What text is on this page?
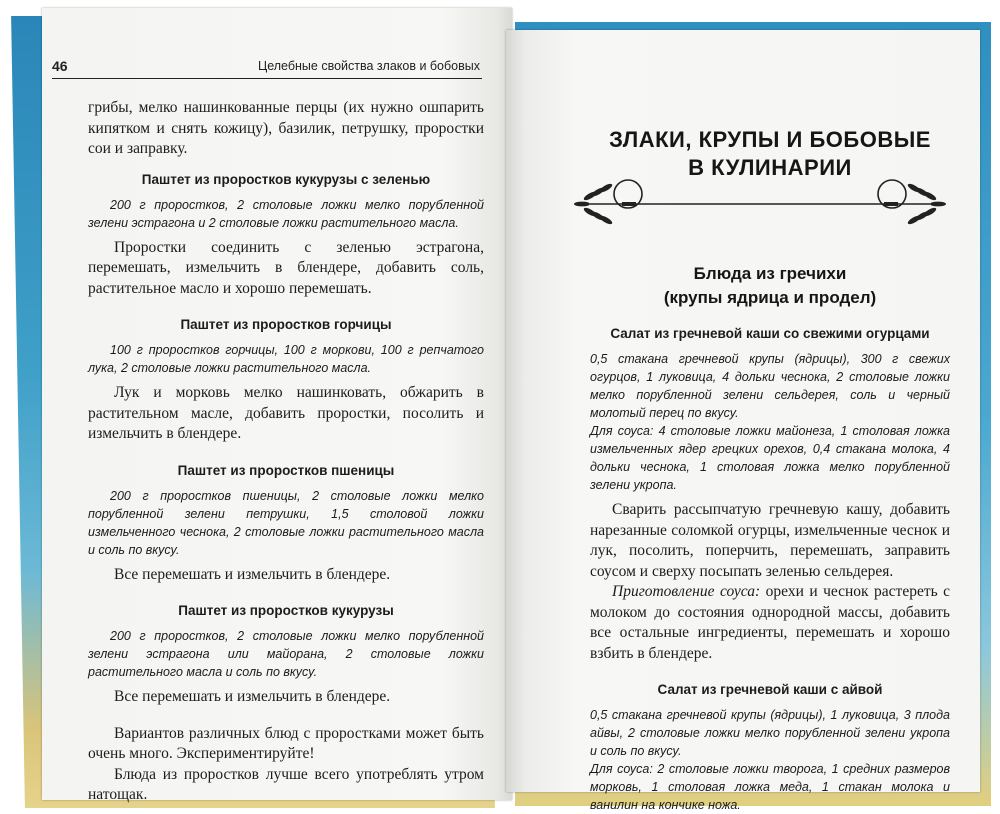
46	Целебные свойства злаков и бобовых

грибы, мелко нашинкованные перцы (их нужно ошпарить кипятком и снять кожицу), базилик, петрушку, проростки сои и заправку.

Паштет из проростков кукурузы с зеленью

200 г проростков, 2 столовые ложки мелко порубленной зелени эстрагона и 2 столовые ложки растительного масла.

Проростки соединить с зеленью эстрагона, перемешать, измельчить в блендере, добавить соль, растительное масло и хорошо перемешать.

Паштет из проростков горчицы

100 г проростков горчицы, 100 г моркови, 100 г репчатого лука, 2 столовые ложки растительного масла.

Лук и морковь мелко нашинковать, обжарить в растительном масле, добавить проростки, посолить и измельчить в блендере.

Паштет из проростков пшеницы

200 г проростков пшеницы, 2 столовые ложки мелко порубленной зелени петрушки, 1,5 столовой ложки измельченного чеснока, 2 столовые ложки растительного масла и соль по вкусу.

Все перемешать и измельчить в блендере.

Паштет из проростков кукурузы

200 г проростков, 2 столовые ложки мелко порубленной зелени эстрагона или майорана, 2 столовые ложки растительного масла и соль по вкусу.

Все перемешать и измельчить в блендере.

Вариантов различных блюд с проростками может быть очень много. Экспериментируйте!

Блюда из проростков лучше всего употреблять утром натощак.

ЗЛАКИ, КРУПЫ И БОБОВЫЕ
В КУЛИНАРИИ
Блюда из гречихи
(крупы ядрица и продел)
Салат из гречневой каши со свежими огурцами

0,5 стакана гречневой крупы (ядрицы), 300 г свежих огурцов, 1 луковица, 4 дольки чеснока, 2 столовые ложки мелко порубленной зелени сельдерея, соль и черный молотый перец по вкусу.

Для соуса: 4 столовые ложки майонеза, 1 столовая ложка измельченных ядер грецких орехов, 0,4 стакана молока, 4 дольки чеснока, 1 столовая ложка мелко порубленной зелени укропа.

Сварить рассыпчатую гречневую кашу, добавить нарезанные соломкой огурцы, измельченные чеснок и лук, посолить, поперчить, перемешать, заправить соусом и сверху посыпать зеленью сельдерея.

Приготовление соуса: орехи и чеснок растереть с молоком до состояния однородной массы, добавить все остальные ингредиенты, перемешать и хорошо взбить в блендере.

Салат из гречневой каши с айвой

0,5 стакана гречневой крупы (ядрицы), 1 луковица, 3 плода айвы, 2 столовые ложки мелко порубленной зелени укропа и соль по вкусу.

Для соуса: 2 столовые ложки творога, 1 средних размеров морковь, 1 столовая ложка меда, 1 стакан молока и ванилин на кончике ножа.
